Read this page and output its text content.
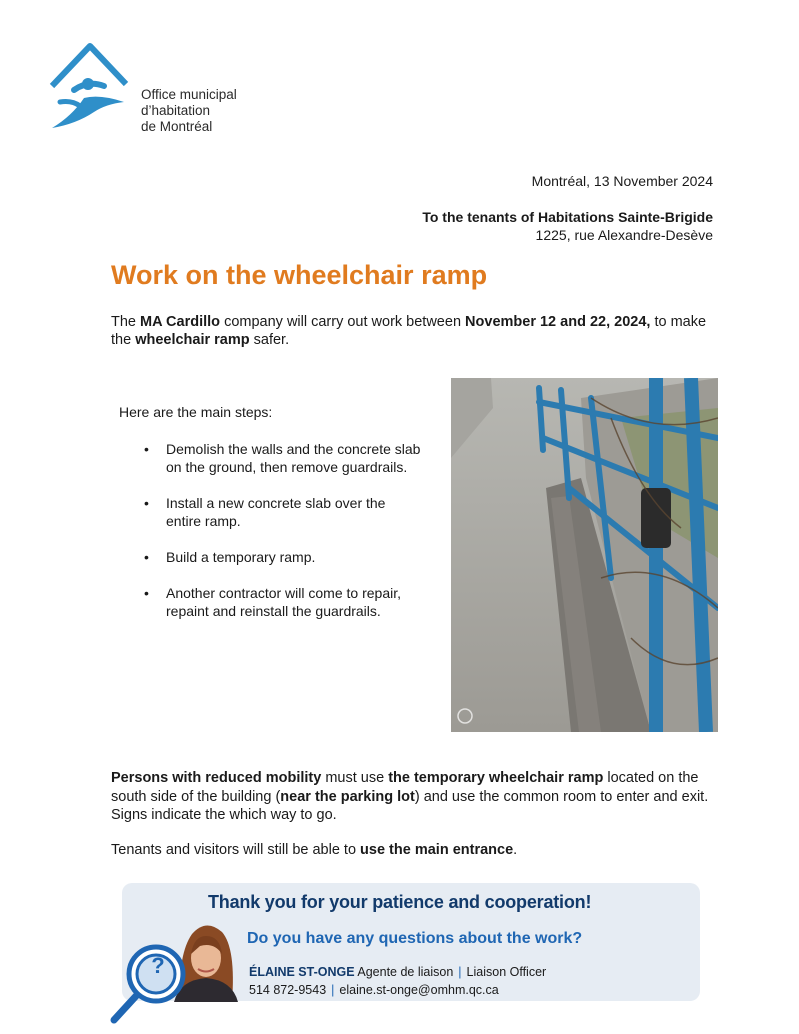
Office municipal
d’habitation
de Montréal
Montréal, 13 November 2024
To the tenants of Habitations Sainte-Brigide
1225, rue Alexandre-Desève
Work on the wheelchair ramp
The MA Cardillo company will carry out work between November 12 and 22, 2024, to make the wheelchair ramp safer.
Here are the main steps:
• Demolish the walls and the concrete slab on the ground, then remove guardrails.
• Install a new concrete slab over the entire ramp.
• Build a temporary ramp.
• Another contractor will come to repair, repaint and reinstall the guardrails.
Persons with reduced mobility must use the temporary wheelchair ramp located on the south side of the building (near the parking lot) and use the common room to enter and exit. Signs indicate the which way to go.
Tenants and visitors will still be able to use the main entrance.
Thank you for your patience and cooperation!
Do you have any questions about the work?
?	ÉLAINE ST-ONGE Agente de liaison | Liaison Officer
514 872-9543 | elaine.st-onge@omhm.qc.ca
